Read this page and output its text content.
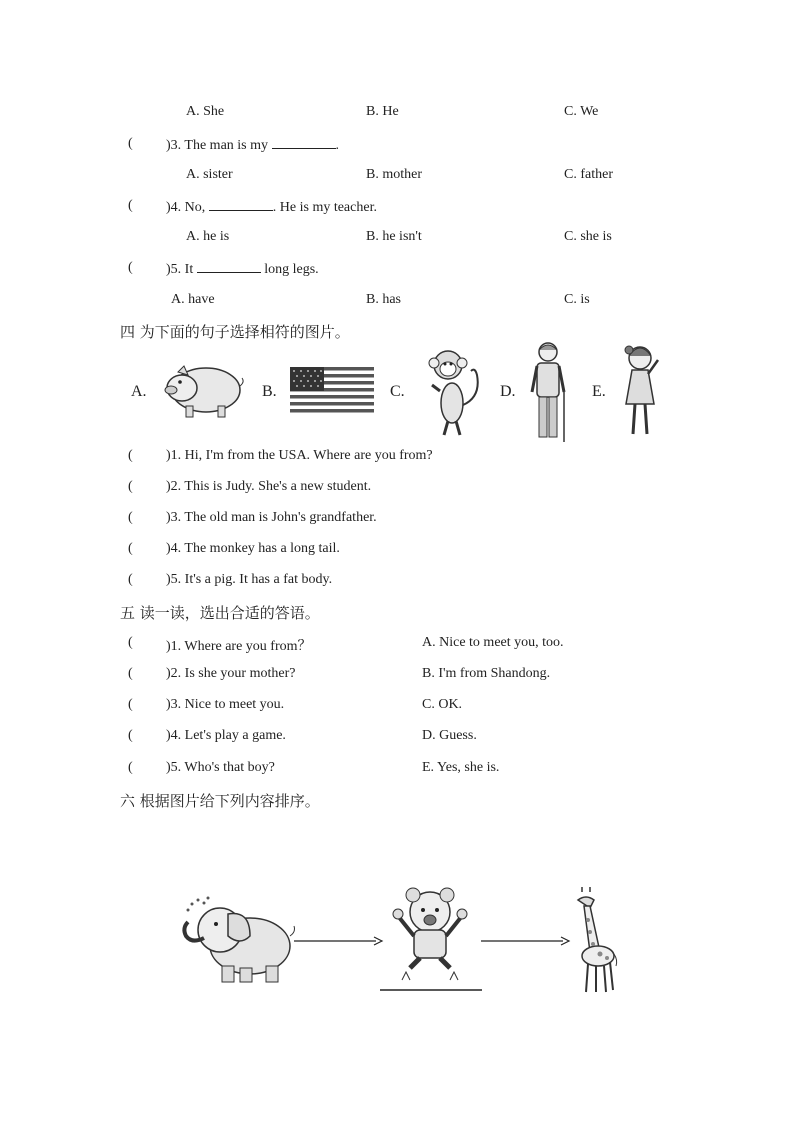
A. She	B. He	C. We
( )3. The man is my	.
A. sister	B. mother	C. father
( )4. No,	. He is my teacher.
A. he is	B. he isn't	C. she is
( )5. It	long legs.
A. have	B. has	C. is
四 为下面的句子选择相符的图片。
A.	B.	C.	D.	E.
( )1. Hi, I'm from the USA. Where are you from?
( )2. This is Judy. She's a new student.
( )3. The old man is John's grandfather.
( )4. The monkey has a long tail.
( )5. It's a pig. It has a fat body.
五 读一读，选出合适的答语。
( )1. Where are you from？	A. Nice to meet you, too.
( )2. Is she your mother?	B. I'm from Shandong.
( )3. Nice to meet you.	C. OK.
( )4. Let's play a game.	D. Guess.
( )5. Who's that boy?	E. Yes, she is.
六 根据图片给下列内容排序。
